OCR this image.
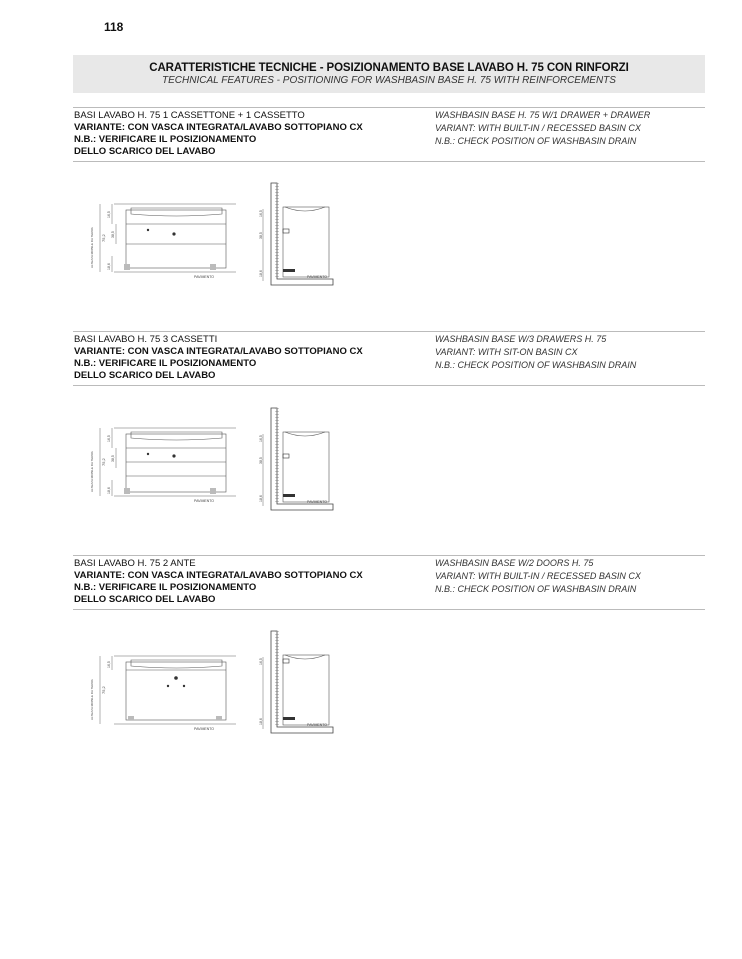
118
CARATTERISTICHE TECNICHE - POSIZIONAMENTO BASE LAVABO H. 75 CON RINFORZI
TECHNICAL FEATURES - POSITIONING FOR WASHBASIN BASE H. 75 WITH REINFORCEMENTS
BASI LAVABO H. 75 1 CASSETTONE + 1 CASSETTO
VARIANTE: CON VASCA INTEGRATA/LAVABO SOTTOPIANO CX
N.B.: VERIFICARE IL POSIZIONAMENTO
DELLO SCARICO DEL LAVABO
WASHBASIN BASE H. 75 W/1 DRAWER + DRAWER
VARIANT: WITH BUILT-IN / RECESSED BASIN CX
N.B.: CHECK POSITION OF WASHBASIN DRAIN
PAVIMENTO
ALTEZZA MOBILE DA TERRA 75,2
16,5
38,5
18,6
PAVIMENTO
16,5
38,5
18,6
BASI LAVABO H. 75 3 CASSETTI
VARIANTE: CON VASCA INTEGRATA/LAVABO SOTTOPIANO CX
N.B.: VERIFICARE IL POSIZIONAMENTO
DELLO SCARICO DEL LAVABO
WASHBASIN BASE W/3 DRAWERS H. 75
VARIANT: WITH SIT-ON BASIN CX
N.B.: CHECK POSITION OF WASHBASIN DRAIN
PAVIMENTO
ALTEZZA MOBILE DA TERRA 75,2
16,5
38,5
18,6
PAVIMENTO
16,5
38,5
18,6
BASI LAVABO H. 75 2 ANTE
VARIANTE: CON VASCA INTEGRATA/LAVABO SOTTOPIANO CX
N.B.: VERIFICARE IL POSIZIONAMENTO
DELLO SCARICO DEL LAVABO
WASHBASIN BASE W/2 DOORS H. 75
VARIANT: WITH BUILT-IN / RECESSED BASIN CX
N.B.: CHECK POSITION OF WASHBASIN DRAIN
PAVIMENTO
ALTEZZA MOBILE DA TERRA 75,2
16,5
PAVIMENTO
16,5
18,6
